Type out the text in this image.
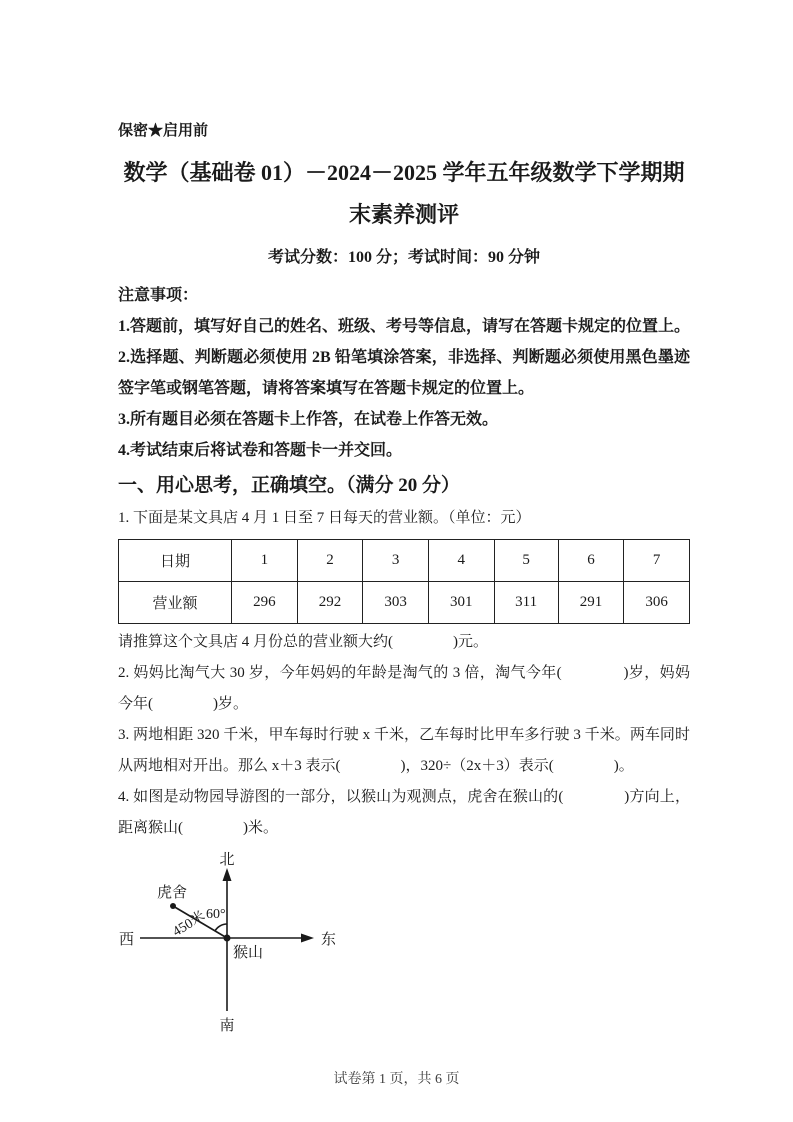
保密★启用前

数学（基础卷 01）－2024－2025 学年五年级数学下学期期末素养测评

考试分数：100 分；考试时间：90 分钟

注意事项：

1.答题前，填写好自己的姓名、班级、考号等信息，请写在答题卡规定的位置上。

2.选择题、判断题必须使用 2B 铅笔填涂答案，非选择、判断题必须使用黑色墨迹签字笔或钢笔答题，请将答案填写在答题卡规定的位置上。

3.所有题目必须在答题卡上作答，在试卷上作答无效。

4.考试结束后将试卷和答题卡一并交回。

一、用心思考，正确填空。（满分 20 分）

1. 下面是某文具店 4 月 1 日至 7 日每天的营业额。（单位：元）

日期	1	2	3	4	5	6	7
营业额	296	292	303	301	311	291	306

请推算这个文具店 4 月份总的营业额大约(　　　　)元。

2. 妈妈比淘气大 30 岁，今年妈妈的年龄是淘气的 3 倍，淘气今年(　　　　)岁，妈妈今年(　　　　)岁。

3. 两地相距 320 千米，甲车每时行驶 x 千米，乙车每时比甲车多行驶 3 千米。两车同时从两地相对开出。那么 x＋3 表示(　　　　)，320÷（2x＋3）表示(　　　　)。

4. 如图是动物园导游图的一部分，以猴山为观测点，虎舍在猴山的(　　　　)方向上，距离猴山(　　　　)米。

北
南
西	东
猴山
虎舍
60°
450米

试卷第 1 页，共 6 页
